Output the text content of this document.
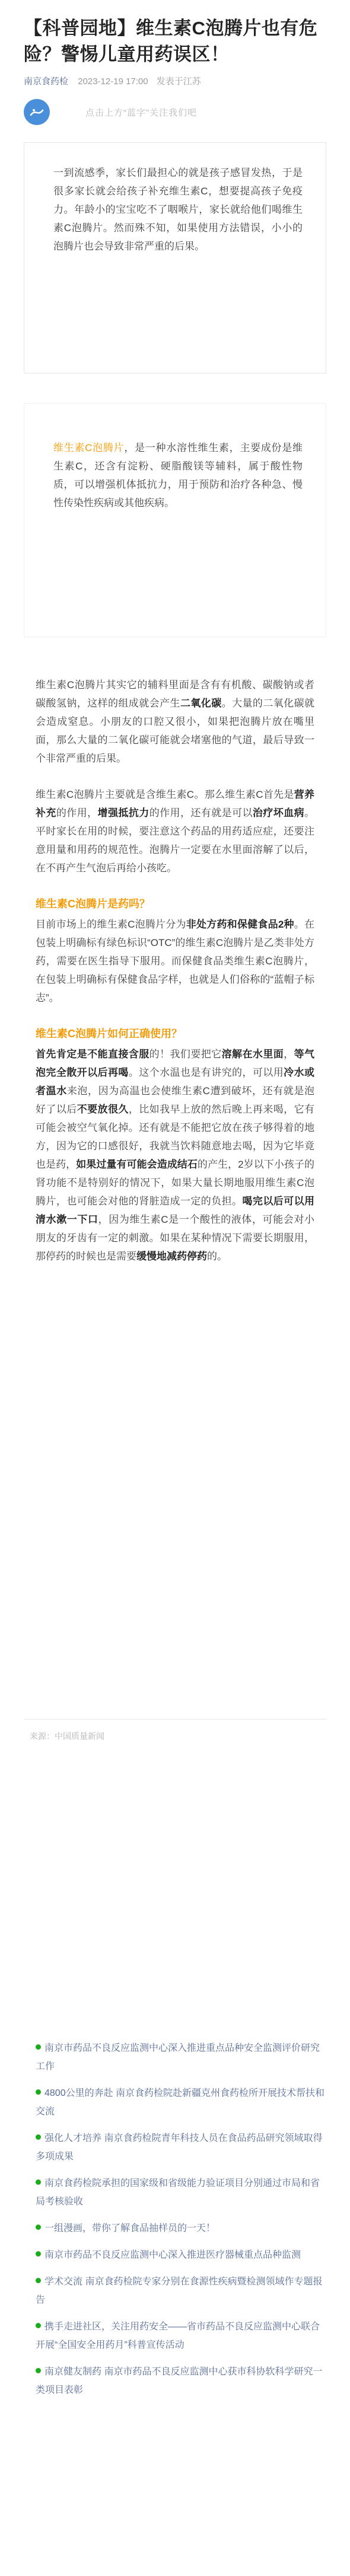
【科普园地】维生素C泡腾片也有危险？警惕儿童用药误区！
南京食药检 2023-12-19 17:00 发表于江苏
点击上方“蓝字”关注我们吧

一到流感季，家长们最担心的就是孩子感冒发热，于是很多家长就会给孩子补充维生素C，想要提高孩子免疫力。年龄小的宝宝吃不了咽喉片，家长就给他们喝维生素C泡腾片。然而殊不知，如果使用方法错误，小小的泡腾片也会导致非常严重的后果。

维生素C泡腾片，是一种水溶性维生素，主要成份是维生素C，还含有淀粉、硬脂酸镁等辅料，属于酸性物质，可以增强机体抵抗力，用于预防和治疗各种急、慢性传染性疾病或其他疾病。

维生素C泡腾片其实它的辅料里面是含有有机酸、碳酸钠或者碳酸氢钠，这样的组成就会产生二氧化碳。大量的二氧化碳就会造成窒息。小朋友的口腔又很小，如果把泡腾片放在嘴里面，那么大量的二氧化碳可能就会堵塞他的气道，最后导致一个非常严重的后果。

维生素C泡腾片主要就是含维生素C。那么维生素C首先是营养补充的作用，增强抵抗力的作用，还有就是可以治疗坏血病。平时家长在用的时候，要注意这个药品的用药适应症，还要注意用量和用药的规范性。泡腾片一定要在水里面溶解了以后，在不再产生气泡后再给小孩吃。

维生素C泡腾片是药吗？

目前市场上的维生素C泡腾片分为非处方药和保健食品2种。在包装上明确标有绿色标识“OTC”的维生素C泡腾片是乙类非处方药，需要在医生指导下服用。而保健食品类维生素C泡腾片，在包装上明确标有保健食品字样，也就是人们俗称的“蓝帽子标志”。

维生素C泡腾片如何正确使用？

首先肯定是不能直接含服的！我们要把它溶解在水里面，等气泡完全散开以后再喝。这个水温也是有讲究的，可以用冷水或者温水来泡，因为高温也会使维生素C遭到破坏，还有就是泡好了以后不要放很久，比如我早上放的然后晚上再来喝，它有可能会被空气氧化掉。还有就是不能把它放在孩子够得着的地方，因为它的口感很好，我就当饮料随意地去喝，因为它毕竟也是药，如果过量有可能会造成结石的产生，2岁以下小孩子的肾功能不是特别好的情况下，如果大量长期地服用维生素C泡腾片，也可能会对他的肾脏造成一定的负担。喝完以后可以用清水漱一下口，因为维生素C是一个酸性的液体，可能会对小朋友的牙齿有一定的刺激。如果在某种情况下需要长期服用，那停药的时候也是需要缓慢地减药停药的。

来源：中国质量新闻

南京市药品不良反应监测中心深入推进重点品种安全监测评价研究工作
4800公里的奔赴 南京食药检院赴新疆克州食药检所开展技术帮扶和交流
强化人才培养 南京食药检院青年科技人员在食品药品研究领域取得多项成果
南京食药检院承担的国家级和省级能力验证项目分别通过市局和省局考核验收
一组漫画，带你了解食品抽样员的一天！
南京市药品不良反应监测中心深入推进医疗器械重点品种监测
学术交流 南京食药检院专家分别在食源性疾病暨检测领域作专题报告
携手走进社区，关注用药安全——省市药品不良反应监测中心联合开展“全国安全用药月”科普宣传活动
南京健友制药 南京市药品不良反应监测中心获市科协软科学研究一类项目表彰
